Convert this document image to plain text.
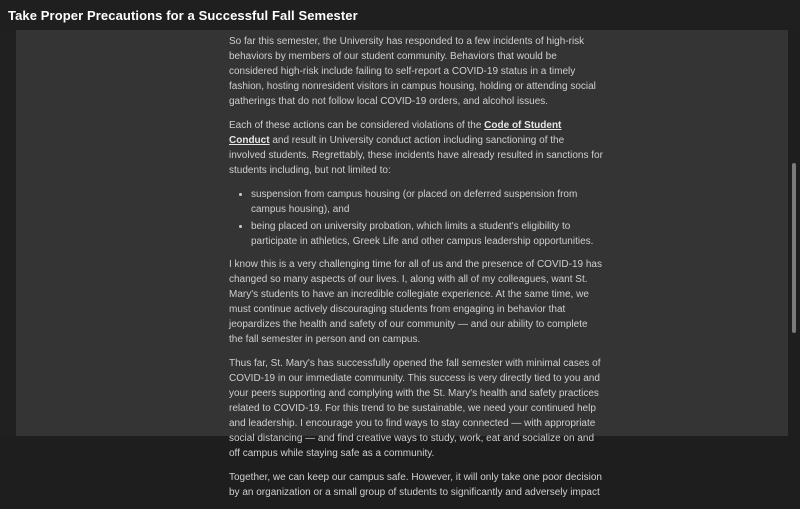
Take Proper Precautions for a Successful Fall Semester

So far this semester, the University has responded to a few incidents of high-risk behaviors by members of our student community. Behaviors that would be considered high-risk include failing to self-report a COVID-19 status in a timely fashion, hosting nonresident visitors in campus housing, holding or attending social gatherings that do not follow local COVID-19 orders, and alcohol issues.

Each of these actions can be considered violations of the Code of Student Conduct and result in University conduct action including sanctioning of the involved students. Regrettably, these incidents have already resulted in sanctions for students including, but not limited to:

• suspension from campus housing (or placed on deferred suspension from campus housing), and
• being placed on university probation, which limits a student's eligibility to participate in athletics, Greek Life and other campus leadership opportunities.

I know this is a very challenging time for all of us and the presence of COVID-19 has changed so many aspects of our lives. I, along with all of my colleagues, want St. Mary's students to have an incredible collegiate experience. At the same time, we must continue actively discouraging students from engaging in behavior that jeopardizes the health and safety of our community — and our ability to complete the fall semester in person and on campus.

Thus far, St. Mary's has successfully opened the fall semester with minimal cases of COVID-19 in our immediate community. This success is very directly tied to you and your peers supporting and complying with the St. Mary's health and safety practices related to COVID-19. For this trend to be sustainable, we need your continued help and leadership. I encourage you to find ways to stay connected — with appropriate social distancing — and find creative ways to study, work, eat and socialize on and off campus while staying safe as a community.

Together, we can keep our campus safe. However, it will only take one poor decision by an organization or a small group of students to significantly and adversely impact
